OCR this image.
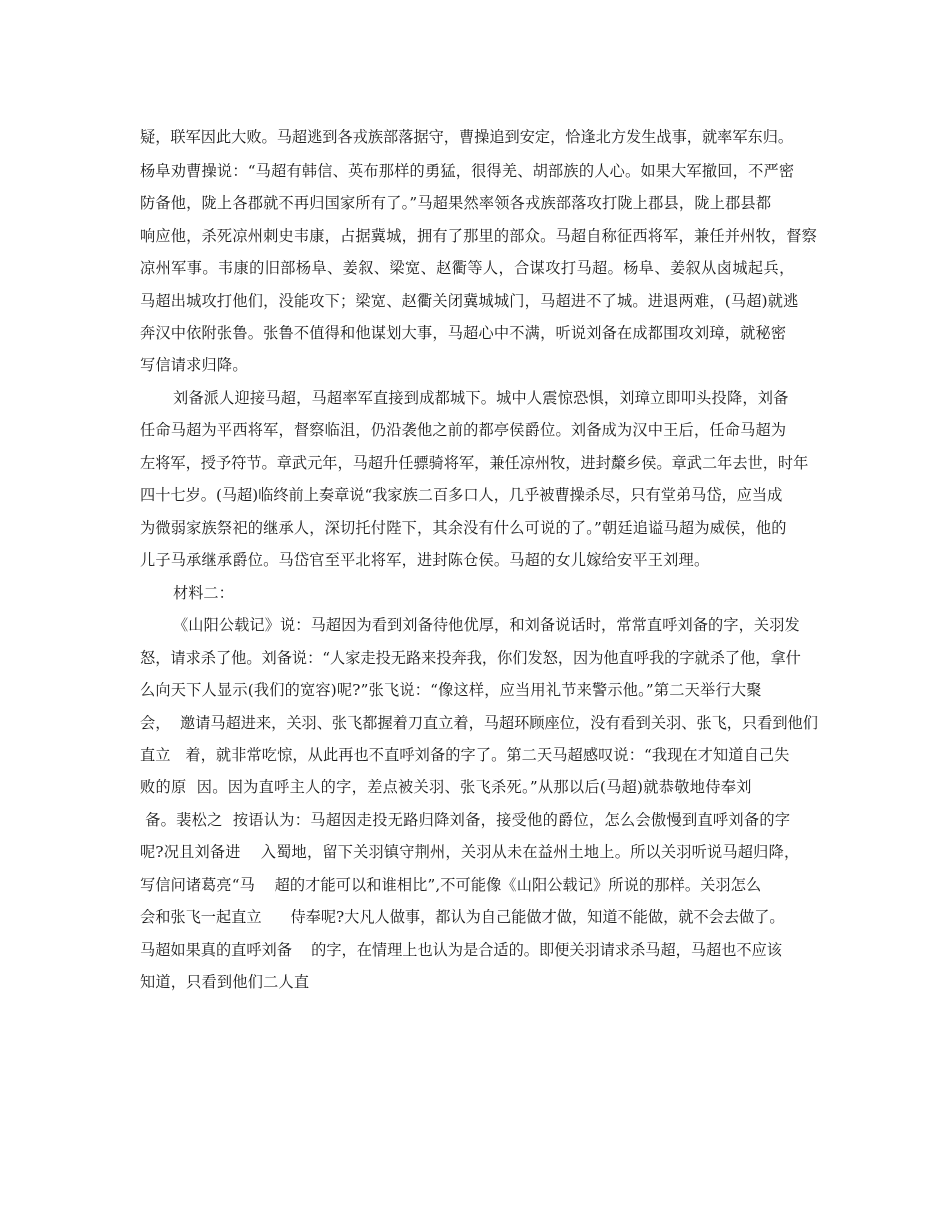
疑，联军因此大败。马超逃到各戎族部落据守，曹操追到安定，恰逢北方发生战事，就率军东归。
杨阜劝曹操说：“马超有韩信、英布那样的勇猛，很得羌、胡部族的人心。如果大军撤回，不严密
防备他，陇上各郡就不再归国家所有了。”马超果然率领各戎族部落攻打陇上郡县，陇上郡县都
响应他，杀死凉州刺史韦康，占据冀城，拥有了那里的部众。马超自称征西将军，兼任并州牧，督察
凉州军事。韦康的旧部杨阜、姜叙、梁宽、赵衢等人，合谋攻打马超。杨阜、姜叙从卤城起兵，
马超出城攻打他们，没能攻下；梁宽、赵衢关闭冀城城门，马超进不了城。进退两难，(马超)就逃
奔汉中依附张鲁。张鲁不值得和他谋划大事，马超心中不满，听说刘备在成都围攻刘璋，就秘密
写信请求归降。
刘备派人迎接马超，马超率军直接到成都城下。城中人震惊恐惧，刘璋立即叩头投降，刘备
任命马超为平西将军，督察临沮，仍沿袭他之前的都亭侯爵位。刘备成为汉中王后，任命马超为
左将军，授予符节。章武元年，马超升任骠骑将军，兼任凉州牧，进封斄乡侯。章武二年去世，时年
四十七岁。(马超)临终前上奏章说“我家族二百多口人，几乎被曹操杀尽，只有堂弟马岱，应当成
为微弱家族祭祀的继承人，深切托付陛下，其余没有什么可说的了。”朝廷追谥马超为威侯，他的
儿子马承继承爵位。马岱官至平北将军，进封陈仓侯。马超的女儿嫁给安平王刘理。
材料二：
《山阳公载记》说：马超因为看到刘备待他优厚，和刘备说话时，常常直呼刘备的字，关羽发
怒，请求杀了他。刘备说：“人家走投无路来投奔我，你们发怒，因为他直呼我的字就杀了他，拿什
么向天下人显示(我们的宽容)呢?”张飞说：“像这样，应当用礼节来警示他。”第二天举行大聚
会，  邀请马超进来，关羽、张飞都握着刀直立着，马超环顾座位，没有看到关羽、张飞，只看到他们
直立   着，就非常吃惊，从此再也不直呼刘备的字了。第二天马超感叹说：“我现在才知道自己失
败的原  因。因为直呼主人的字，差点被关羽、张飞杀死。”从那以后(马超)就恭敬地侍奉刘
备。裴松之  按语认为：马超因走投无路归降刘备，接受他的爵位，怎么会傲慢到直呼刘备的字
呢?况且刘备进    入蜀地，留下关羽镇守荆州，关羽从未在益州土地上。所以关羽听说马超归降，
写信问诸葛亮“马    超的才能可以和谁相比”,不可能像《山阳公载记》所说的那样。关羽怎么
会和张飞一起直立      侍奉呢?大凡人做事，都认为自己能做才做，知道不能做，就不会去做了。
马超如果真的直呼刘备    的字，在情理上也认为是合适的。即便关羽请求杀马超，马超也不应该
知道，只看到他们二人直
